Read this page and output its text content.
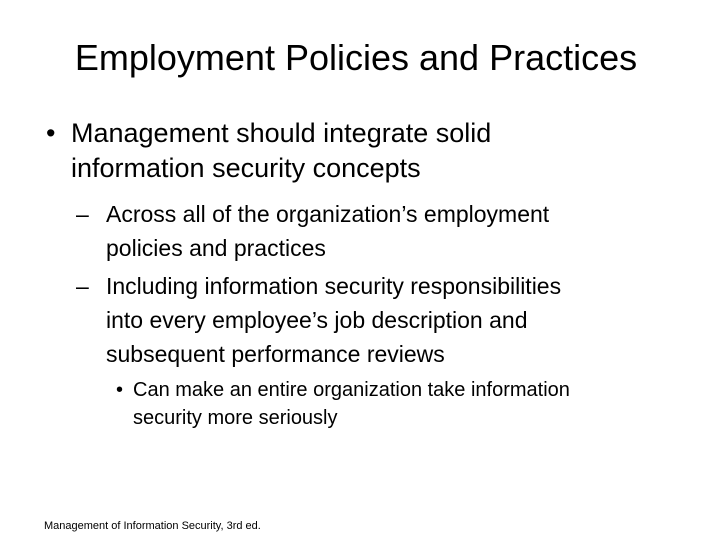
Employment Policies and Practices
• Management should integrate solid
information security concepts
– Across all of the organization’s employment
policies and practices
– Including information security responsibilities
into every employee’s job description and
subsequent performance reviews
• Can make an entire organization take information
security more seriously
Management of Information Security, 3rd ed.
